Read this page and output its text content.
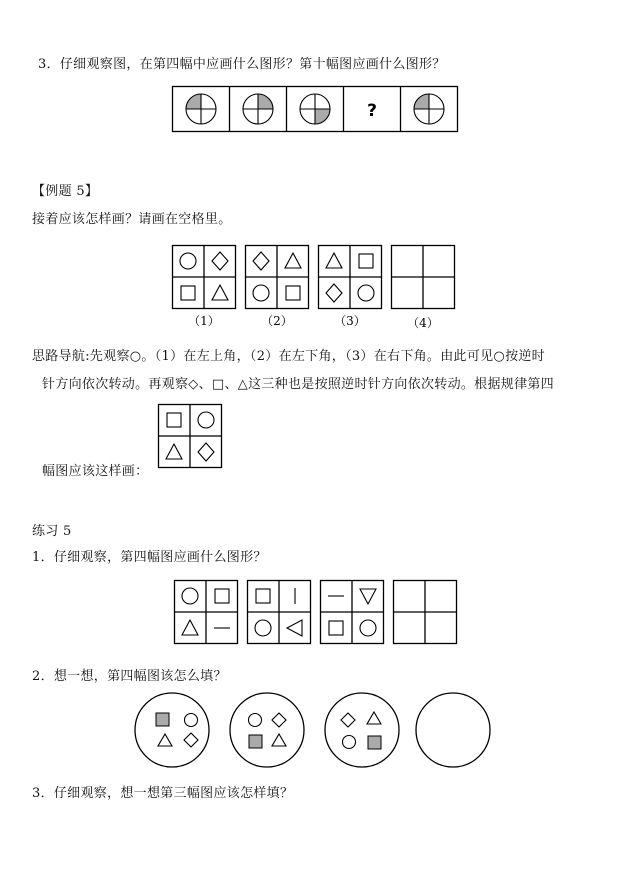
3．仔细观察图，在第四幅中应画什么图形？第十幅图应画什么图形？
?
【例题 5】
接着应该怎样画？请画在空格里。
（1）	（2）	（3）	（4）
思路导航:先观察○。（1）在左上角，（2）在左下角，（3）在右下角。由此可见○按逆时
针方向依次转动。再观察◇、□、△这三种也是按照逆时针方向依次转动。根据规律第四
幅图应该这样画：
练习 5
1．仔细观察，第四幅图应画什么图形？
2．想一想，第四幅图该怎么填？
3．仔细观察，想一想第三幅图应该怎样填？
